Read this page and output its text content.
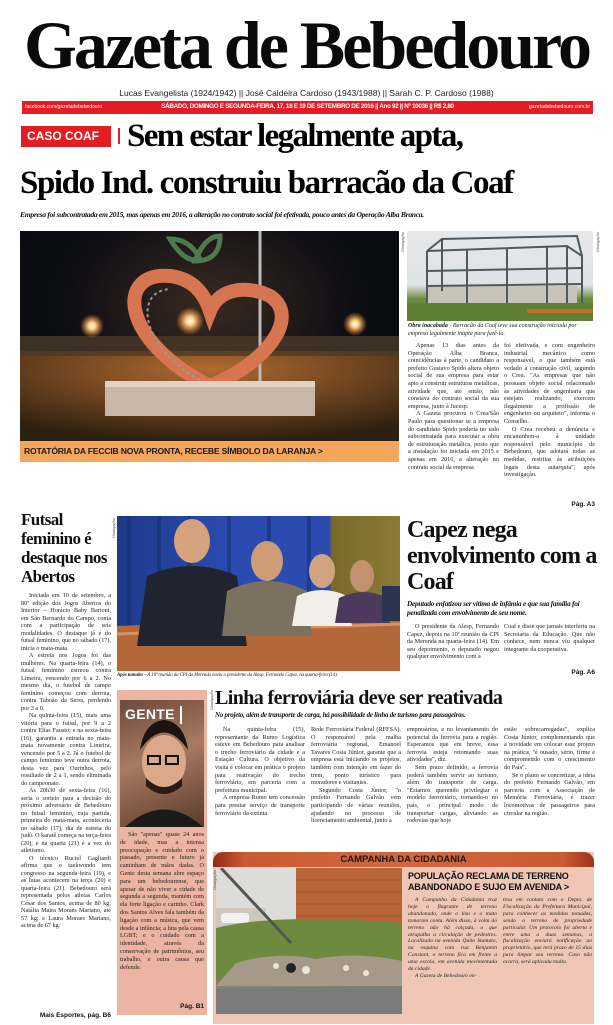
Gazeta de Bebedouro
Lucas Evangelista (1924/1942) || José Caldeira Cardoso (1943/1988) || Sarah C. P. Cardoso (1988)
facebook.com/gazetadebebedouro	SÁBADO, DOMINGO E SEGUNDA-FEIRA, 17, 18 E 19 DE SETEMBRO DE 2016 || Ano 92 || Nº 10036 || R$ 2,80	gazetadebebedouro.com.br
CASO COAF Sem estar legalmente apta,
Spido Ind. construiu barracão da Coaf
Empresa foi subcontratada em 2015, mas apenas em 2016, a alteração no contrato social foi efetivada, pouco antes da Operação Alba Branca.
Divulgação
ROTATÓRIA DA FECCIB NOVA PRONTA, RECEBE SÍMBOLO DA LARANJA >
Divulgação
Obra inacabada - Barracão da Coaf teve sua construção iniciada por empresa legalmente inapta para fazê-lo.

Apenas 13 dias antes da Operação Alba Branca, coincidências à parte, o candidato a prefeito Gustavo Spido altera objeto social de sua empresa para estar apto a construir estruturas metálicas, atividade que, até então, não constava do contrato social da sua empresa, junto à Jucesp.

A Gazeta procurou o Crea/São Paulo para questionar se a empresa do candidato Spido poderia ter sido subcontratada para executar a obra de estruturação metálica, posto que a instalação foi iniciada em 2015 e apenas em 2016, a alteração no contrato social da empresa

foi efetivada, e com engenheiro industrial mecânico como responsável, o que também está vedado à construção civil, segundo o Crea. "As empresas que não possuam objeto social relacionado às atividades de engenharia que estejam realizando, exercem ilegalmente a profissão de engenheiro ou arquiteto", informa o Conselho.

O Crea recebeu a denúncia e encaminhou-a à unidade responsável pelo município de Bebedouro, que adotará todas as medidas, restritas às atribuições legais desta autarquia", após investigação.

Pág. A3
Futsal feminino é destaque nos Abertos

Iniciada em 10 de setembro, a 80ª edição dos Jogos Abertos do Interior – Horácio Baby Barioni, em São Bernardo do Campo, conta com a participação de seis modalidades. O destaque já é do futsal feminino, que no sábado (17), inicia o mata-mata.

A estreia nos Jogos foi das mulheres. Na quarta-feira (14), o futsal feminino estreou contra Limeira, vencendo por 6 a 2. No mesmo dia, o futebol de campo feminino começou com derrota, contra Taboão da Serra, perdendo por 3 a 0.

Na quinta-feira (15), mais uma vitória para o futsal, por 9 a 2 contra Elias Fausto; e na sexta-feira (16), garantiu a entrada no mata-mata novamente contra Limeira, vencendo por 5 a 2. Já o futebol de campo feminino teve outra derrota, desta vez para Ourinhos, pelo resultado de 2 a 1, sendo eliminada do campeonato.

Às 20h30 de sexta-feira (16), seria o sorteio para a decisão do próximo adversário de Bebedouro no futsal feminino, cuja partida, primeira do mata-mata, aconteceria no sábado (17), dia de estreia do judô. O karatê começa na terça-feira (20), e na quarta (21) é a vez do atletismo.

O técnico Ruciel Gagliardi afirma que o taekwondo tem congresso na segunda-feira (19), e as lutas acontecem na terça (20) e quarta-feira (21). Bebedouro será representada pelos atletas Carlos César dos Santos, acima de 80 kg; Natália Maira Moraes Mariano, até 57 kg; e Laura Moraes Mariano, acima de 67 kg.

Mais Esportes, pág. B6
Divulgação
Após tumulto – A 10ª reunião da CPI da Merenda ouviu o presidente da Alesp, Fernando Capez, na quarta-feira (14).
Capez nega envolvimento com a Coaf
Deputado enfatizou ser vítima de infâmia e que sua família foi penalizada com envolvimento de seu nome.

O presidente da Alesp, Fernando Capez, depois na 10ª reunião da CPI da Merenda na quarta-feira (14). Em seu depoimento, o deputado negou qualquer envolvimento com a

Coaf e disse que jamais interferiu na Secretaria da Educação. Que não conhece, nem nunca viu qualquer integrante da cooperativa.

Pág. A6
GENTE

São "apenas" quase 24 anos de idade, mas a intensa preocupação e cuidado com o passado, presente e futuro já caminham de mãos dadas. O Gente desta semana abre espaço para um bebedourense, que apesar de não viver a cidade de segunda a segunda, mantém com ela forte ligação e carinho. Clark dos Santos Alves fala também da ligação com a música, que vem desde a infância; a luta pela causa LGBT; e o cuidado com a identidade, através da conservação de patrimônios, seu trabalho, e outra causa que defende.

Pág. B1
Divulgação Linha ferroviária deve ser reativada
No projeto, além de transporte de carga, há possibilidade de linha de turismo para passageiros.

Na quinta-feira (15), representante da Rumo Logística esteve em Bebedouro para analisar o trecho ferroviário da cidade e a Estação Cultura. O objetivo da visita é colocar em prática o projeto para reativação do trecho ferroviário, em parceria com a prefeitura municipal.

A empresa Rumo tem concessão para prestar serviço de transporte ferroviário da extinta

Rede Ferroviária Federal (RFFSA). O responsável pela malha ferroviária regional, Emanoel Tavares Costa Júnior, garante que a empresa está iniciando os projetos, também com intenção em fazer do trem, ponto turístico para moradores e visitantes.

Segundo Costa Júnior, "o prefeito Fernando Galvão vem participando de várias reuniões, ajudando no processo de licenciamento ambiental, junto a

empresários, e no levantamento do potencial da ferrovia para a região. Esperamos que em breve, essa ferrovia esteja retomando suas atividades", diz.

Sem prazo definido, a ferrovia poderá também servir ao turismo, além do transporte de carga. "Estamos querendo privilegiar o modelo ferroviário, tornando-o no país, o principal modo de transportar cargas, aliviando as rodovias que hoje

estão sobrecarregadas", explica Costa Júnior, complementando que a novidade em colocar esse projeto na prática, "é ousado, sério, firme e comprometido com o crescimento do País".

Se o plano se concretizar, a ideia do prefeito Fernando Galvão, em parceria com a Associação de Memória Ferroviária, é trazer locomotivas de passageiros para circular na região.

CAMPANHA DA CIDADANIA
Divulgação	POPULAÇÃO RECLAMA DE TERRENO ABANDONADO E SUJO EM AVENIDA >

A Campanha da Cidadania traz hoje o flagrante de terreno abandonado, onde o lixo e o mato tomaram conta. Além disso, à volta do terreno não há calçada, o que atrapalha a circulação de pedestres. Localizado na avenida Quito Stamato, na esquina com rua Benjamin Constant, o terreno fica em frente a uma escola, em avenida movimentada da cidade.

A Gazeta de Bebedouro en-

trou em contato com o Depto. de Fiscalização da Prefeitura Municipal, para conhecer as medidas tomadas, sendo o terreno de propriedade particular. Um protocolo foi aberto e entre uma a duas semanas, a fiscalização enviará notificação ao proprietário, que terá prazo de 15 dias para limpar seu terreno. Caso não ocorra, será aplicada multa.
